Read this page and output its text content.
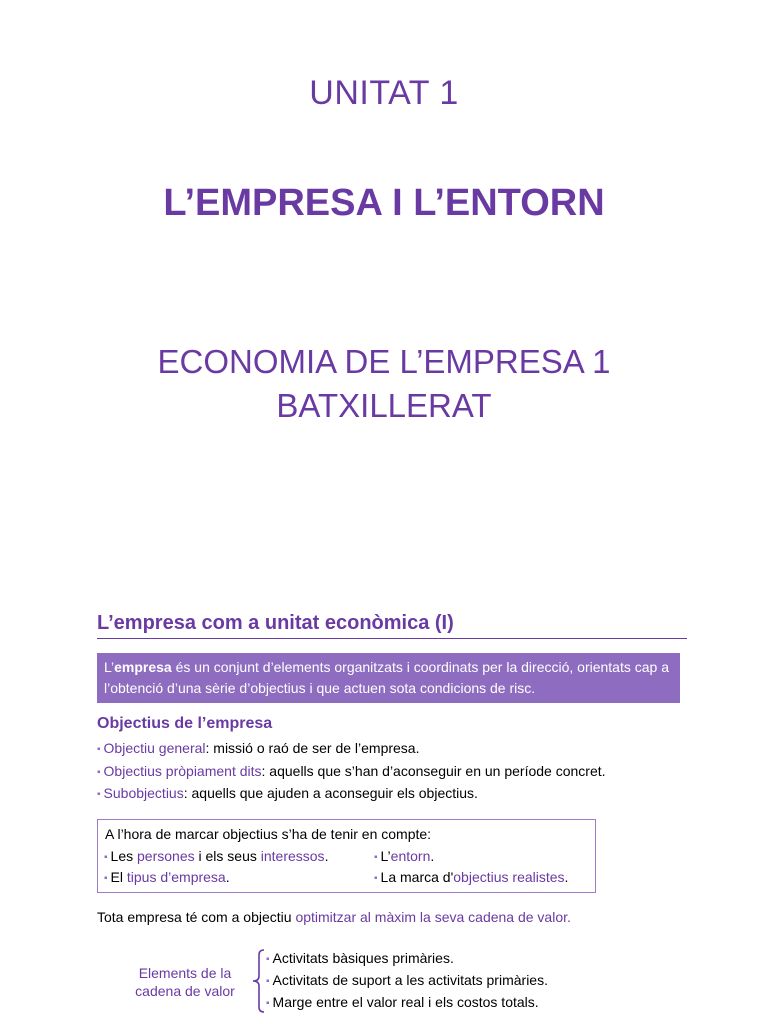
UNITAT 1
L’EMPRESA I L’ENTORN
ECONOMIA DE L’EMPRESA 1
BATXILLERAT
L’empresa com a unitat econòmica (I)
L’empresa és un conjunt d’elements organitzats i coordinats per la direcció, orientats cap a l’obtenció d’una sèrie d’objectius i que actuen sota condicions de risc.
Objectius de l’empresa
▪ Objectiu general: missió o raó de ser de l’empresa.
▪ Objectius pròpiament dits: aquells que s’han d’aconseguir en un període concret.
▪ Subobjectius: aquells que ajuden a aconseguir els objectius.
A l’hora de marcar objectius s’ha de tenir en compte:
▪ Les persones i els seus interessos.	▪ L’entorn.
▪ El tipus d’empresa.	▪ La marca d'objectius realistes.
Tota empresa té com a objectiu optimitzar al màxim la seva cadena de valor.
Elements de la
cadena de valor
▪ Activitats bàsiques primàries.
▪ Activitats de suport a les activitats primàries.
▪ Marge entre el valor real i els costos totals.
